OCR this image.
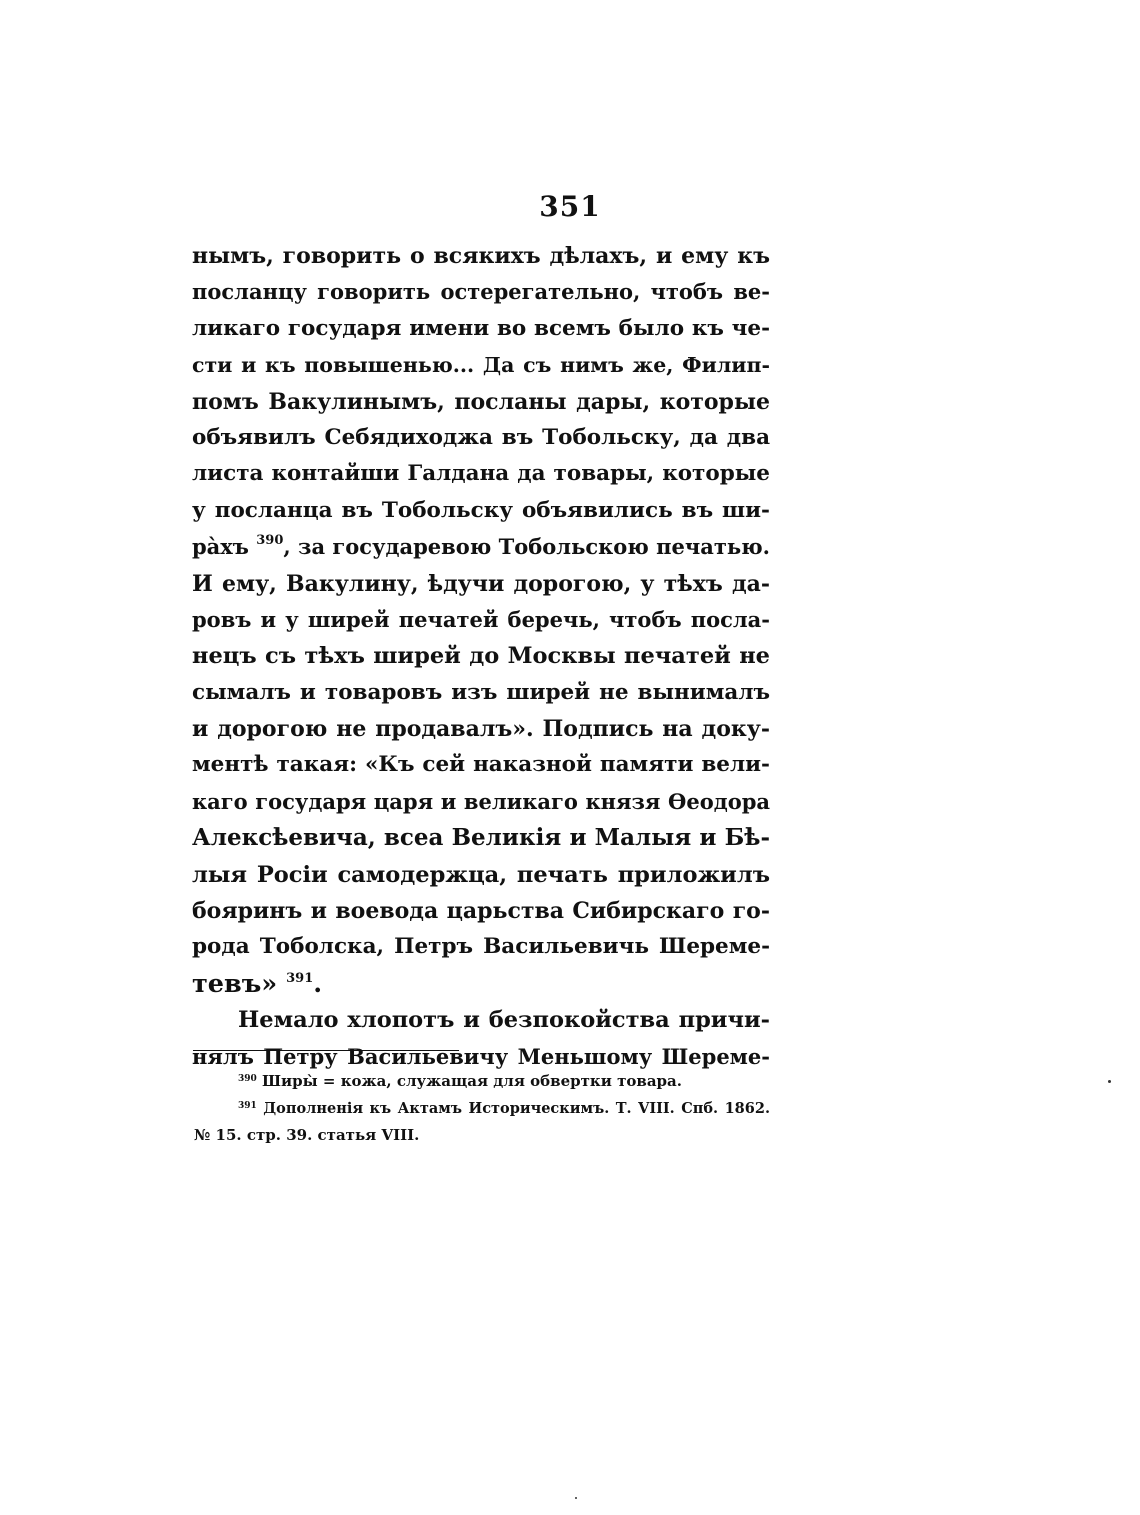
351
нымъ, говорить о всякихъ дѣлахъ, и ему къ
посланцу говорить остерегательно, чтобъ ве-
ликаго государя имени во всемъ было къ че-
сти и къ повышенью... Да съ нимъ же, Филип-
помъ Вакулинымъ, посланы дары, которые
объявилъ Себядиходжа въ Тобольску, да два
листа контайши Галдана да товары, которые
у посланца въ Тобольску объявились въ ши-
ра̀хъ $^{390}$, за государевою Тобольскою печатью.
И ему, Вакулину, ѣдучи дорогою, у тѣхъ да-
ровъ и у ширей печатей беречь, чтобъ посла-
нецъ съ тѣхъ ширей до Москвы печатей не
сымалъ и товаровъ изъ ширей не вынималъ
и дорогою не продавалъ». Подпись на доку-
ментѣ такая: «Къ сей наказной памяти вели-
каго государя царя и великаго князя Ѳеодора
Алексѣевича, всеа Великія и Малыя и Бѣ-
лыя Росіи самодержца, печать приложилъ
бояринъ и воевода царьства Сибирскаго го-
рода Тоболска, Петръ Васильевичь Шереме-
тевъ» $^{391}$.
Немало хлопотъ и безпокойства причи-
нялъ Петру Васильевичу Меньшому Шереме-
$^{390}$ Ширы̀ = кожа, служащая для обвертки товара.
$^{391}$ Дополненія къ Актамъ Историческимъ. Т. VIII. Спб. 1862.
№ 15. стр. 39. статья VIII.
